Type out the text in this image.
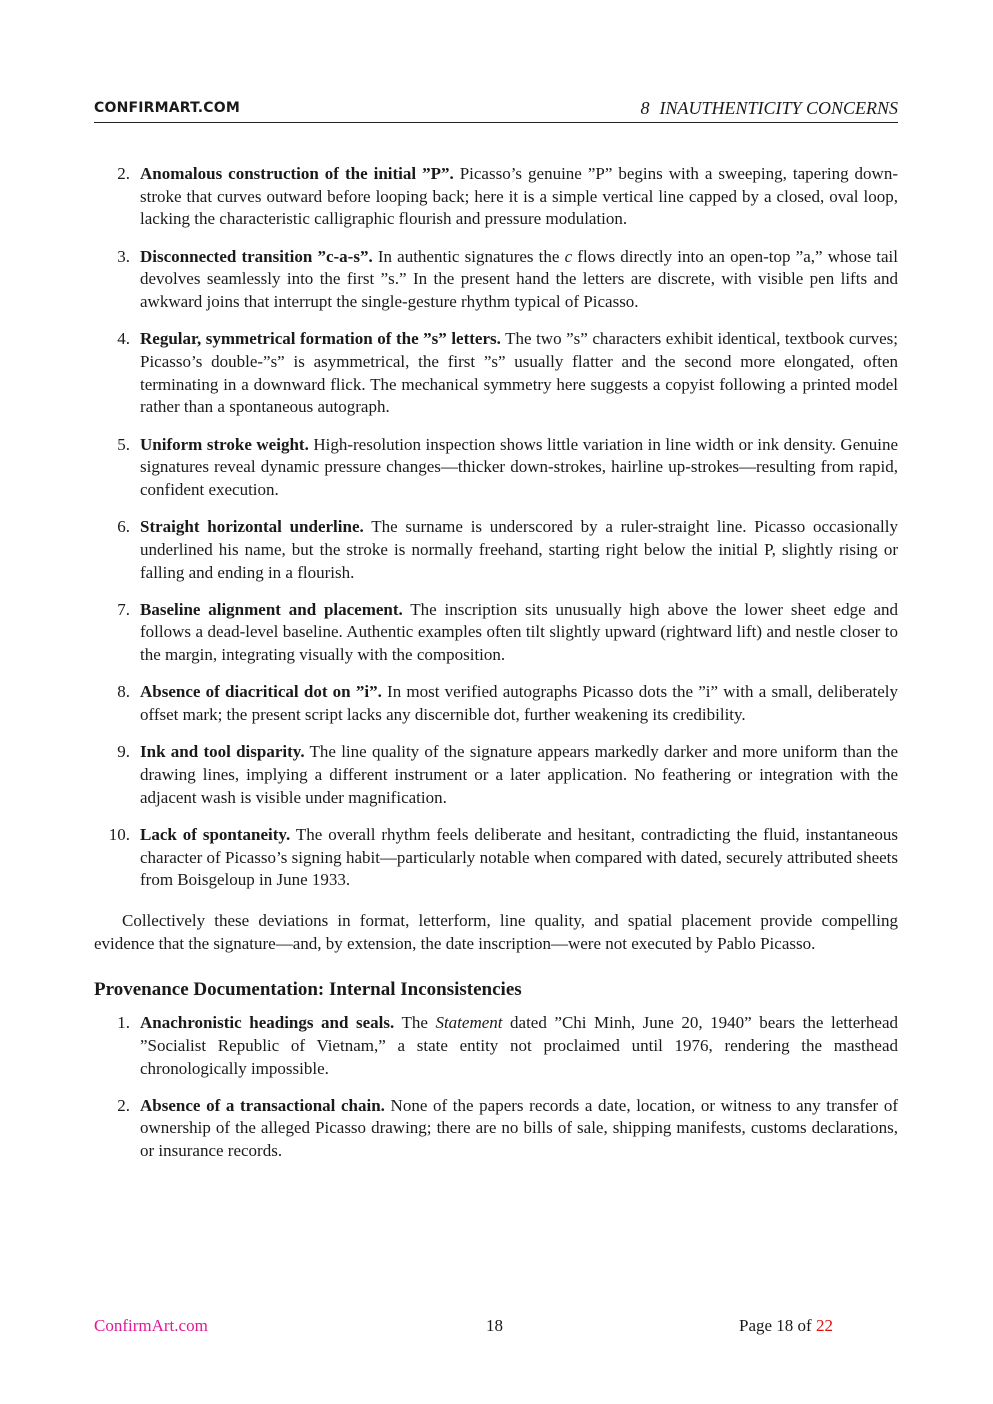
CONFIRMART.COM	8 INAUTHENTICITY CONCERNS
2. Anomalous construction of the initial ”P”. Picasso’s genuine ”P” begins with a sweeping, tapering down-stroke that curves outward before looping back; here it is a simple vertical line capped by a closed, oval loop, lacking the characteristic calligraphic flourish and pressure modulation.
3. Disconnected transition ”c-a-s”. In authentic signatures the c flows directly into an open-top ”a,” whose tail devolves seamlessly into the first ”s.” In the present hand the letters are discrete, with visible pen lifts and awkward joins that interrupt the single-gesture rhythm typical of Picasso.
4. Regular, symmetrical formation of the ”s” letters. The two ”s” characters exhibit identical, textbook curves; Picasso’s double-”s” is asymmetrical, the first ”s” usually flatter and the second more elongated, often terminating in a downward flick. The mechanical symmetry here suggests a copyist following a printed model rather than a spontaneous autograph.
5. Uniform stroke weight. High-resolution inspection shows little variation in line width or ink density. Genuine signatures reveal dynamic pressure changes—thicker down-strokes, hairline up-strokes—resulting from rapid, confident execution.
6. Straight horizontal underline. The surname is underscored by a ruler-straight line. Picasso occasionally underlined his name, but the stroke is normally freehand, starting right below the initial P, slightly rising or falling and ending in a flourish.
7. Baseline alignment and placement. The inscription sits unusually high above the lower sheet edge and follows a dead-level baseline. Authentic examples often tilt slightly upward (rightward lift) and nestle closer to the margin, integrating visually with the composition.
8. Absence of diacritical dot on ”i”. In most verified autographs Picasso dots the ”i” with a small, deliberately offset mark; the present script lacks any discernible dot, further weakening its credibility.
9. Ink and tool disparity. The line quality of the signature appears markedly darker and more uniform than the drawing lines, implying a different instrument or a later application. No feathering or integration with the adjacent wash is visible under magnification.
10. Lack of spontaneity. The overall rhythm feels deliberate and hesitant, contradicting the fluid, instantaneous character of Picasso’s signing habit—particularly notable when compared with dated, securely attributed sheets from Boisgeloup in June 1933.

Collectively these deviations in format, letterform, line quality, and spatial placement provide compelling evidence that the signature—and, by extension, the date inscription—were not executed by Pablo Picasso.

Provenance Documentation: Internal Inconsistencies
1. Anachronistic headings and seals. The Statement dated ”Chi Minh, June 20, 1940” bears the letterhead ”Socialist Republic of Vietnam,” a state entity not proclaimed until 1976, rendering the masthead chronologically impossible.
2. Absence of a transactional chain. None of the papers records a date, location, or witness to any transfer of ownership of the alleged Picasso drawing; there are no bills of sale, shipping manifests, customs declarations, or insurance records.
ConfirmArt.com	18	Page 18 of 22
